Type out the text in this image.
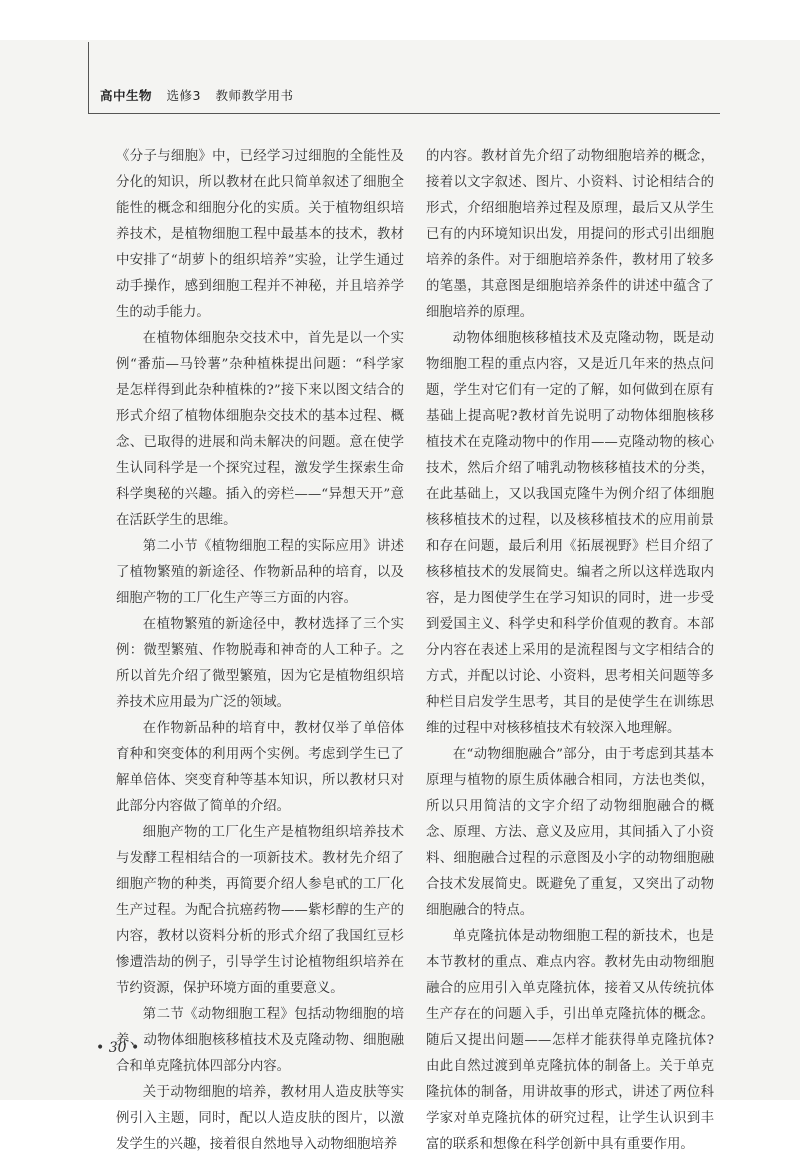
高中生物 选修3 教师教学用书

《分子与细胞》中，已经学习过细胞的全能性及分化的知识，所以教材在此只简单叙述了细胞全能性的概念和细胞分化的实质。关于植物组织培养技术，是植物细胞工程中最基本的技术，教材中安排了“胡萝卜的组织培养”实验，让学生通过动手操作，感到细胞工程并不神秘，并且培养学生的动手能力。

在植物体细胞杂交技术中，首先是以一个实例“番茄—马铃薯”杂种植株提出问题：“科学家是怎样得到此杂种植株的?”接下来以图文结合的形式介绍了植物体细胞杂交技术的基本过程、概念、已取得的进展和尚未解决的问题。意在使学生认同科学是一个探究过程，激发学生探索生命科学奥秘的兴趣。插入的旁栏——“异想天开”意在活跃学生的思维。

第二小节《植物细胞工程的实际应用》讲述了植物繁殖的新途径、作物新品种的培育，以及细胞产物的工厂化生产等三方面的内容。

在植物繁殖的新途径中，教材选择了三个实例：微型繁殖、作物脱毒和神奇的人工种子。之所以首先介绍了微型繁殖，因为它是植物组织培养技术应用最为广泛的领域。

在作物新品种的培育中，教材仅举了单倍体育种和突变体的利用两个实例。考虑到学生已了解单倍体、突变育种等基本知识，所以教材只对此部分内容做了简单的介绍。

细胞产物的工厂化生产是植物组织培养技术与发酵工程相结合的一项新技术。教材先介绍了细胞产物的种类，再简要介绍人参皂甙的工厂化生产过程。为配合抗癌药物——紫杉醇的生产的内容，教材以资料分析的形式介绍了我国红豆杉惨遭浩劫的例子，引导学生讨论植物组织培养在节约资源，保护环境方面的重要意义。

第二节《动物细胞工程》包括动物细胞的培养、动物体细胞核移植技术及克隆动物、细胞融合和单克隆抗体四部分内容。

关于动物细胞的培养，教材用人造皮肤等实例引入主题，同时，配以人造皮肤的图片，以激发学生的兴趣，接着很自然地导入动物细胞培养

的内容。教材首先介绍了动物细胞培养的概念，接着以文字叙述、图片、小资料、讨论相结合的形式，介绍细胞培养过程及原理，最后又从学生已有的内环境知识出发，用提问的形式引出细胞培养的条件。对于细胞培养条件，教材用了较多的笔墨，其意图是细胞培养条件的讲述中蕴含了细胞培养的原理。

动物体细胞核移植技术及克隆动物，既是动物细胞工程的重点内容，又是近几年来的热点问题，学生对它们有一定的了解，如何做到在原有基础上提高呢?教材首先说明了动物体细胞核移植技术在克隆动物中的作用——克隆动物的核心技术，然后介绍了哺乳动物核移植技术的分类，在此基础上，又以我国克隆牛为例介绍了体细胞核移植技术的过程，以及核移植技术的应用前景和存在问题，最后利用《拓展视野》栏目介绍了核移植技术的发展简史。编者之所以这样选取内容，是力图使学生在学习知识的同时，进一步受到爱国主义、科学史和科学价值观的教育。本部分内容在表述上采用的是流程图与文字相结合的方式，并配以讨论、小资料，思考相关问题等多种栏目启发学生思考，其目的是使学生在训练思维的过程中对核移植技术有较深入地理解。

在“动物细胞融合”部分，由于考虑到其基本原理与植物的原生质体融合相同，方法也类似，所以只用简洁的文字介绍了动物细胞融合的概念、原理、方法、意义及应用，其间插入了小资料、细胞融合过程的示意图及小字的动物细胞融合技术发展简史。既避免了重复，又突出了动物细胞融合的特点。

单克隆抗体是动物细胞工程的新技术，也是本节教材的重点、难点内容。教材先由动物细胞融合的应用引入单克隆抗体，接着又从传统抗体生产存在的问题入手，引出单克隆抗体的概念。随后又提出问题——怎样才能获得单克隆抗体?由此自然过渡到单克隆抗体的制备上。关于单克隆抗体的制备，用讲故事的形式，讲述了两位科学家对单克隆抗体的研究过程，让学生认识到丰富的联系和想像在科学创新中具有重要作用。

• 30 •
